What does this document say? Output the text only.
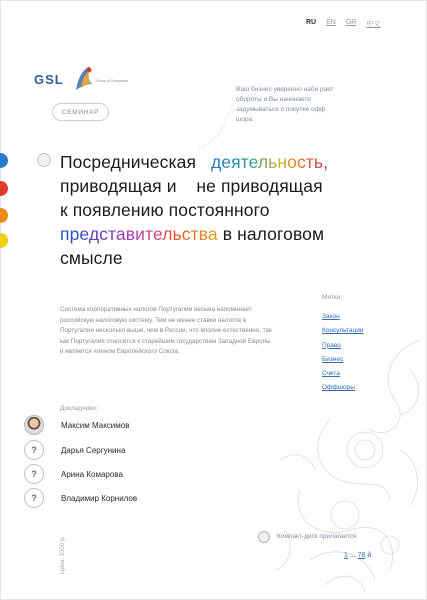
RU EN GR 中文
GSL	Group of Companies
СЕМИНАР
Ваш бизнес уверенно наби рает обороты и Вы начинаете задумываться о покупке офф шора.
Посредническая деятельность,
приводящая и    не приводящая
к появлению постоянного
представительства в налоговом
смысле
Система корпоративных налогов Португалии весьма напоминает российскую налоговую систему. Тем не менее ставки налогов в Португалии несколько выше, чем в России, что вполне естественно, так как Португалия относится к старейшим государствам Западной Европы и является членом Европейского Союза.
Метки:
Закон
Консультации
Право
Бизнес
Счета
Оффшоры
Докладчики:
Максим Максимов
?	Дарья Сергунина
?	Арина Комарова
?	Владимир Корнилов
Цена: 1500 р.	Компакт-диск прилагается
1 ... 78 й
